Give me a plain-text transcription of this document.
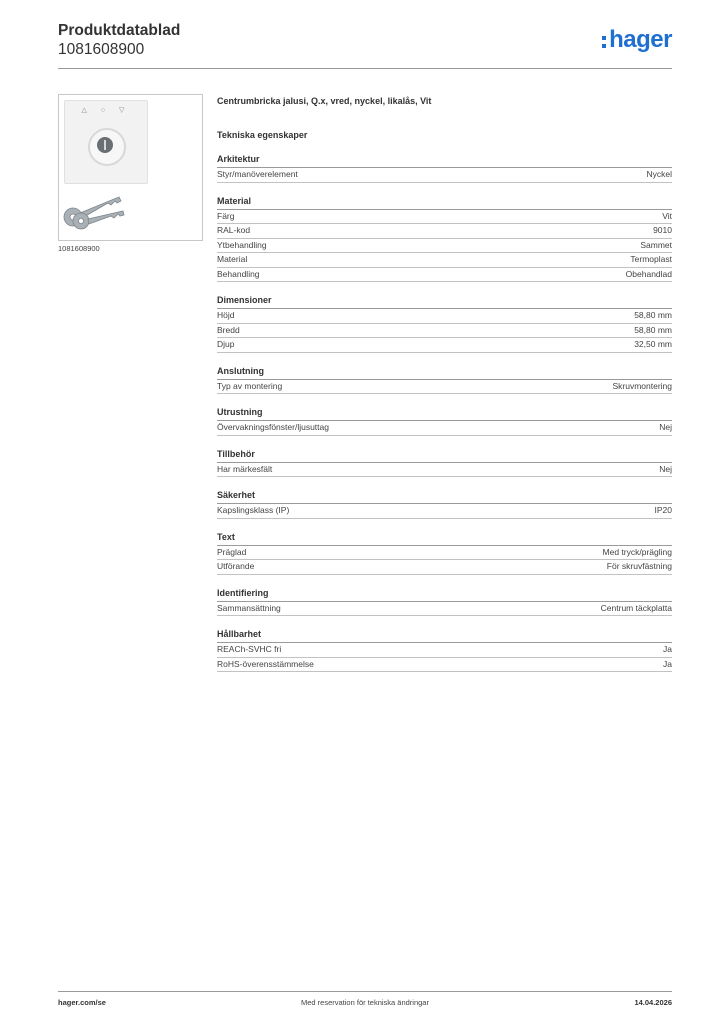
Produktdatablad
1081608900	hager
△ ○ ▽
1081608900
Centrumbricka jalusi, Q.x, vred, nyckel, likalås, Vit
Tekniska egenskaper
Arkitektur
Styr/manöverelement	Nyckel
Material
Färg	Vit
RAL-kod	9010
Ytbehandling	Sammet
Material	Termoplast
Behandling	Obehandlad
Dimensioner
Höjd	58,80 mm
Bredd	58,80 mm
Djup	32,50 mm
Anslutning
Typ av montering	Skruvmontering
Utrustning
Övervakningsfönster/ljusuttag	Nej
Tillbehör
Har märkesfält	Nej
Säkerhet
Kapslingsklass (IP)	IP20
Text
Präglad	Med tryck/prägling
Utförande	För skruvfästning
Identifiering
Sammansättning	Centrum täckplatta
Hållbarhet
REACh-SVHC fri	Ja
RoHS-överensstämmelse	Ja
hager.com/se	Med reservation för tekniska ändringar	14.04.2026
